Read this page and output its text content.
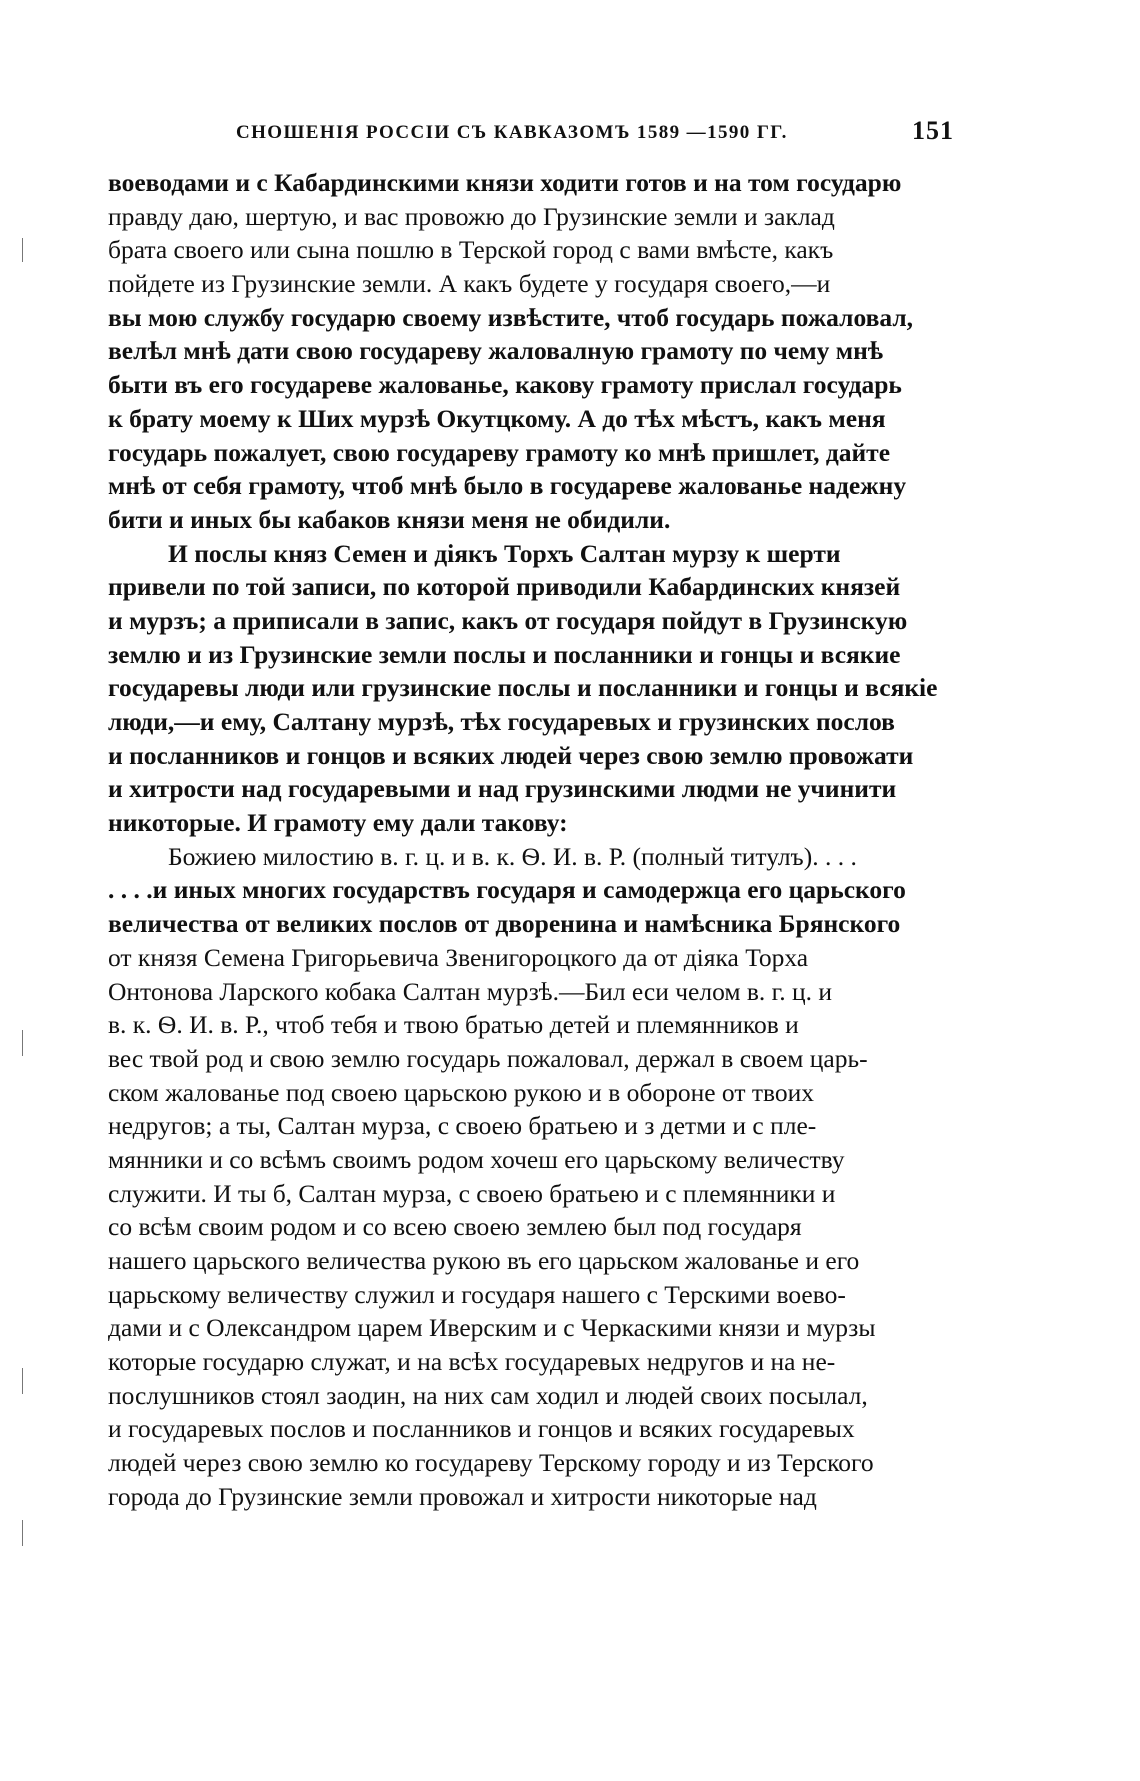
СНОШЕНІЯ РОССІИ СЪ КАВКАЗОМЪ 1589 —1590 ГГ.	151
воеводами и с Кабардинскими князи ходити готов и на том государю
правду даю, шертую, и вас провожю до Грузинские земли и заклад
брата своего или сына пошлю в Терской город с вами вмѣсте, какъ
пойдете из Грузинские земли. А какъ будете у государя своего,—и
вы мою службу государю своему извѣстите, чтоб государь пожаловал,
велѣл мнѣ дати свою государеву жаловалную грамоту по чему мнѣ
быти въ его государеве жалованье, какову грамоту прислал государь
к брату моему к Ших мурзѣ Окутцкому. А до тѣх мѣстъ, какъ меня
государь пожалует, свою государеву грамоту ко мнѣ пришлет, дайте
мнѣ от себя грамоту, чтоб мнѣ было в государеве жалованье надежну
бити и иных бы кабаков князи меня не обидили.
И послы княз Семен и діякъ Торхъ Салтан мурзу к шерти
привели по той записи, по которой приводили Кабардинских князей
и мурзъ; а приписали в запис, какъ от государя пойдут в Грузинскую
землю и из Грузинские земли послы и посланники и гонцы и всякие
государевы люди или грузинские послы и посланники и гонцы и всякіе
люди,—и ему, Салтану мурзѣ, тѣх государевых и грузинских послов
и посланников и гонцов и всяких людей через свою землю провожати
и хитрости над государевыми и над грузинскими людми не учинити
никоторые. И грамоту ему дали такову:
Божиею милостию в. г. ц. и в. к. Ѳ. И. в. Р. (полный титулъ). . . .
. . . .и иных многих государствъ государя и самодержца его царьского
величества от великих послов от дворенина и намѣсника Брянского
от князя Семена Григорьевича Звенигороцкого да от діяка Торха
Онтонова Ларского кобака Салтан мурзѣ.—Бил еси челом в. г. ц. и
в. к. Ѳ. И. в. Р., чтоб тебя и твою братью детей и племянников и
вес твой род и свою землю государь пожаловал, держал в своем царь-
ском жалованье под своею царьскою рукою и в обороне от твоих
недругов; а ты, Салтан мурза, с своею братьею и з детми и с пле-
мянники и со всѣмъ своимъ родом хочеш его царьскому величеству
служити. И ты б, Салтан мурза, с своею братьею и с племянники и
со всѣм своим родом и со всею своею землею был под государя
нашего царьского величества рукою въ его царьском жалованье и его
царьскому величеству служил и государя нашего с Терскими воево-
дами и с Олександром царем Иверским и с Черкаскими князи и мурзы
которые государю служат, и на всѣх государевых недругов и на не-
послушников стоял заодин, на них сам ходил и людей своих посылал,
и государевых послов и посланников и гонцов и всяких государевых
людей через свою землю ко государеву Терскому городу и из Терского
города до Грузинские земли провожал и хитрости никоторые над
